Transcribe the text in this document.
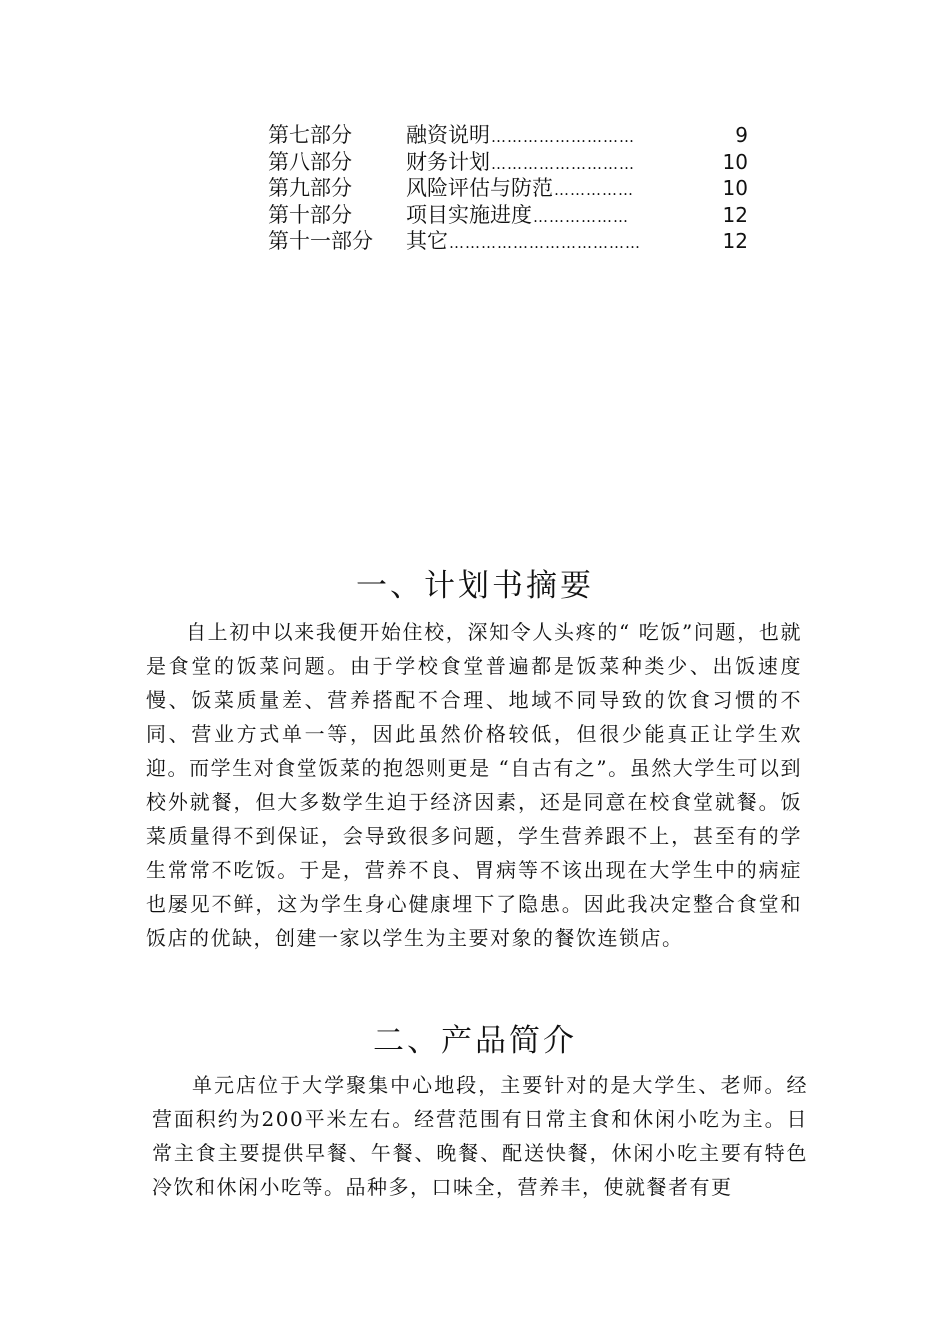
第七部分	融资说明 ………………………	9
第八部分	财务计划 ………………………	10
第九部分	风险评估与防范 ……………	10
第十部分	项目实施进度 ………………	12
第十一部分	其它 ………………………………	12
一、计划书摘要

自上初中以来我便开始住校，深知令人头疼的“ 吃饭”问题，也就是食堂的饭菜问题。由于学校食堂普遍都是饭菜种类少、出饭速度慢、饭菜质量差、营养搭配不合理、地域不同导致的饮食习惯的不同、营业方式单一等，因此虽然价格较低，但很少能真正让学生欢迎。而学生对食堂饭菜的抱怨则更是 “自古有之”。虽然大学生可以到校外就餐，但大多数学生迫于经济因素，还是同意在校食堂就餐。饭菜质量得不到保证，会导致很多问题，学生营养跟不上，甚至有的学生常常不吃饭。于是，营养不良、胃病等不该出现在大学生中的病症也屡见不鲜，这为学生身心健康埋下了隐患。因此我决定整合食堂和饭店的优缺，创建一家以学生为主要对象的餐饮连锁店。

二、产品简介

单元店位于大学聚集中心地段，主要针对的是大学生、老师。经营面积约为200平米左右。经营范围有日常主食和休闲小吃为主。日常主食主要提供早餐、午餐、晚餐、配送快餐，休闲小吃主要有特色冷饮和休闲小吃等。品种多，口味全，营养丰，使就餐者有更
